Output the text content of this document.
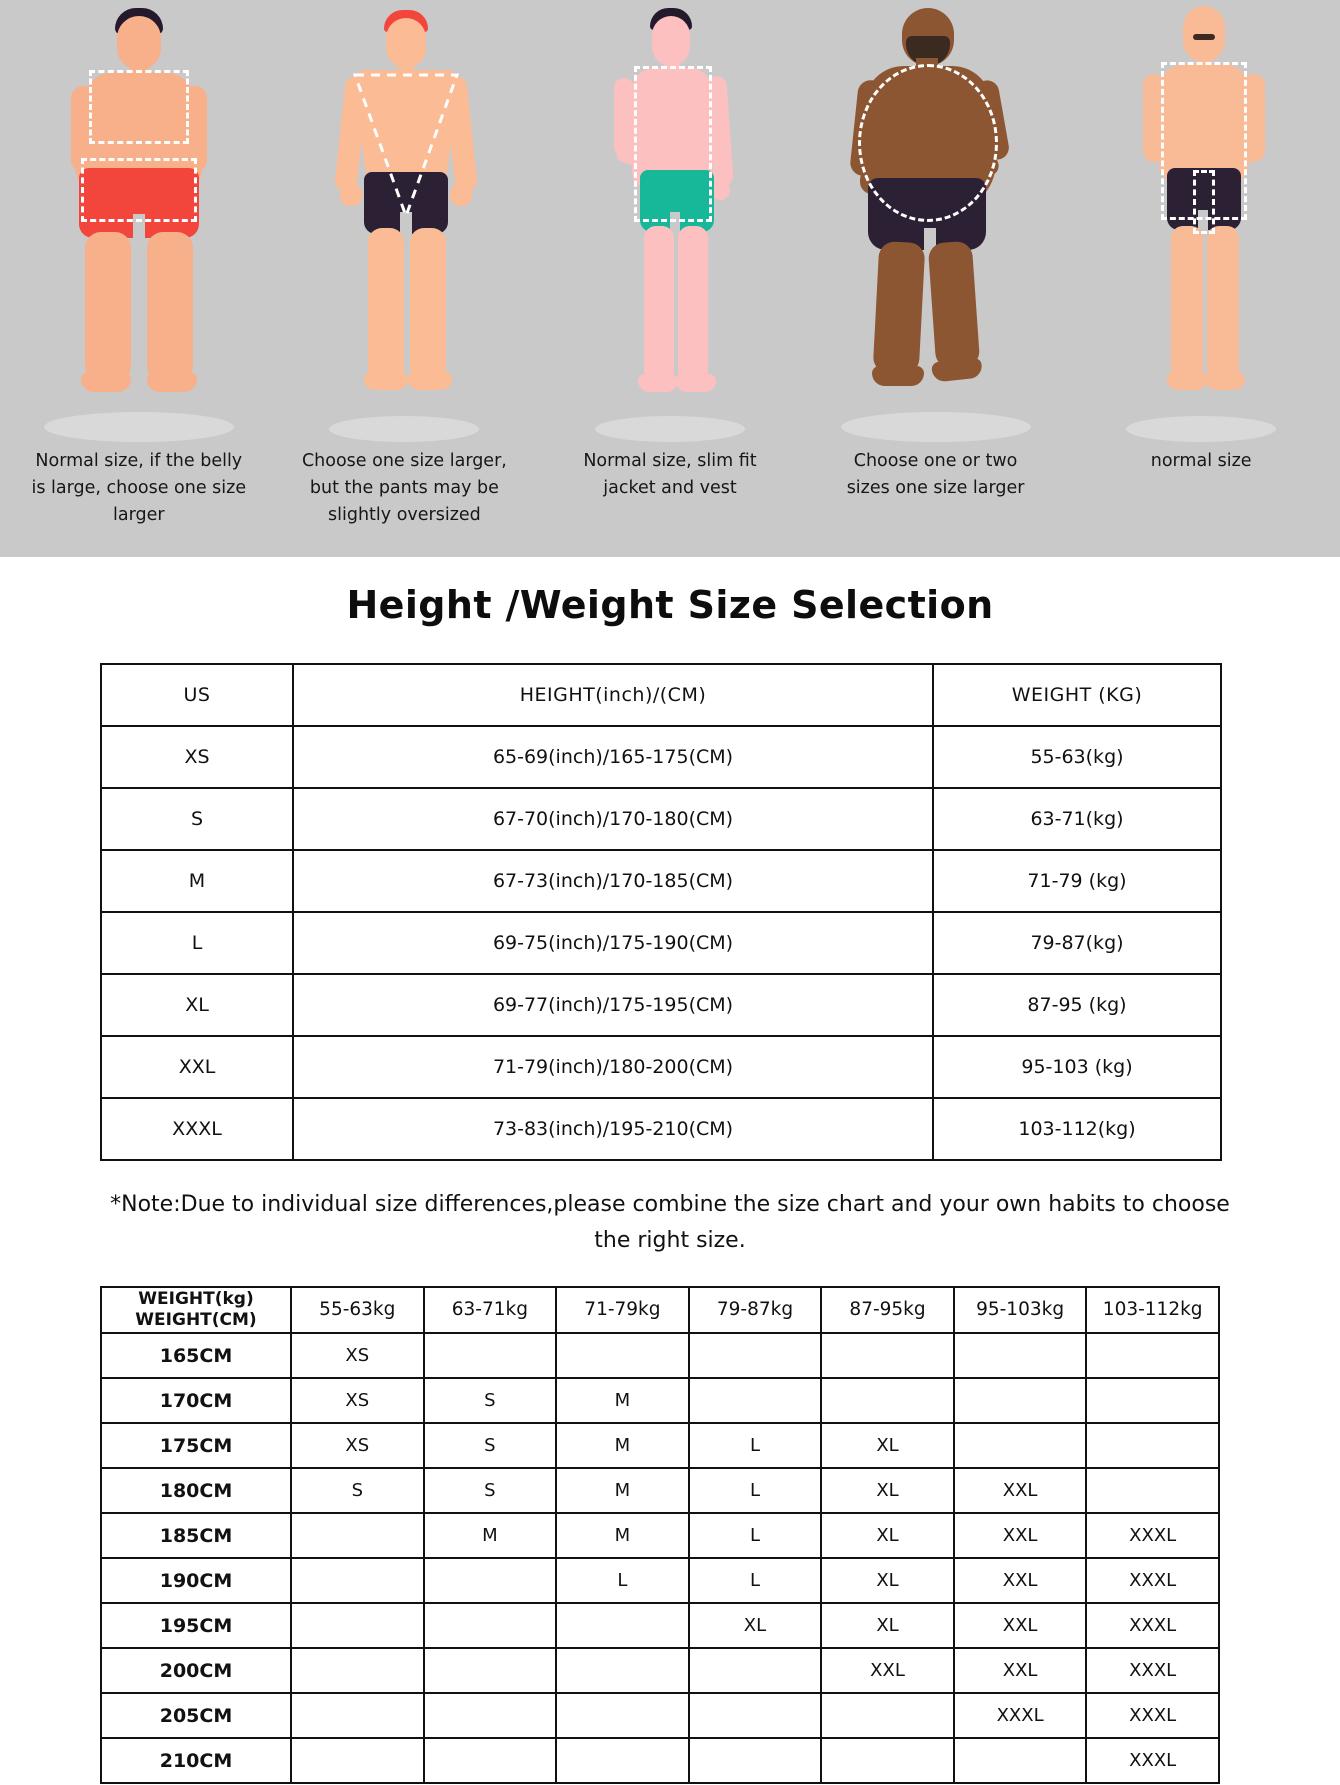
Normal size, if the belly is large, choose one size larger
Choose one size larger, but the pants may be slightly oversized
Normal size, slim fit jacket and vest
Choose one or two sizes one size larger
normal size
Height /Weight Size Selection
US	HEIGHT(inch)/(CM)	WEIGHT (KG)
XS	65-69(inch)/165-175(CM)	55-63(kg)
S	67-70(inch)/170-180(CM)	63-71(kg)
M	67-73(inch)/170-185(CM)	71-79 (kg)
L	69-75(inch)/175-190(CM)	79-87(kg)
XL	69-77(inch)/175-195(CM)	87-95 (kg)
XXL	71-79(inch)/180-200(CM)	95-103 (kg)
XXXL	73-83(inch)/195-210(CM)	103-112(kg)
*Note:Due to individual size differences,please combine the size chart and your own habits to choose the right size.
WEIGHT(kg)
WEIGHT(CM)	55-63kg	63-71kg	71-79kg	79-87kg	87-95kg	95-103kg	103-112kg
165CM	XS						
170CM	XS	S	M				
175CM	XS	S	M	L	XL		
180CM	S	S	M	L	XL	XXL	
185CM		M	M	L	XL	XXL	XXXL
190CM			L	L	XL	XXL	XXXL
195CM				XL	XL	XXL	XXXL
200CM					XXL	XXL	XXXL
205CM						XXXL	XXXL
210CM							XXXL
